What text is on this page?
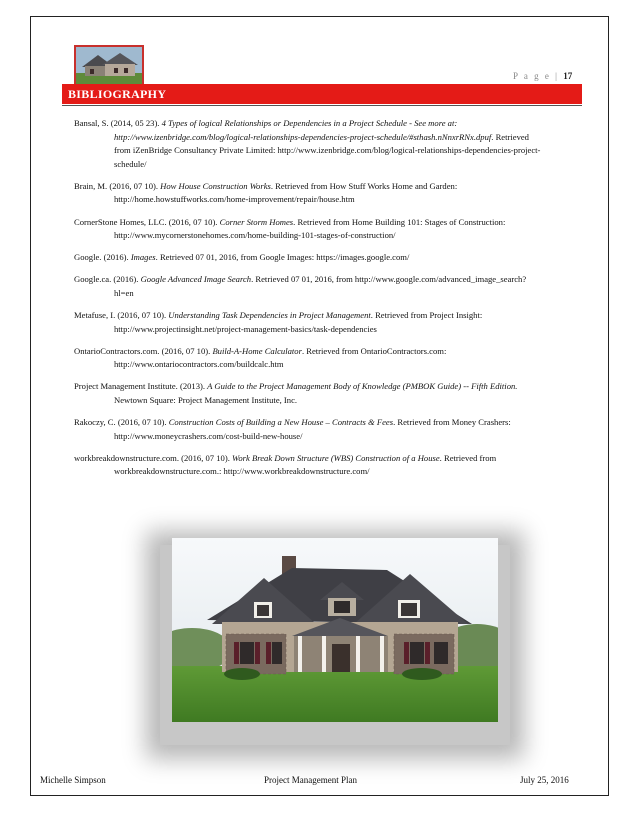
P a g e | 17
BIBLIOGRAPHY
Bansal, S. (2014, 05 23). 4 Types of logical Relationships or Dependencies in a Project Schedule - See more at: http://www.izenbridge.com/blog/logical-relationships-dependencies-project-schedule/#sthash.nNnxrRNx.dpuf. Retrieved from iZenBridge Consultancy Private Limited: http://www.izenbridge.com/blog/logical-relationships-dependencies-project-schedule/
Brain, M. (2016, 07 10). How House Construction Works. Retrieved from How Stuff Works Home and Garden: http://home.howstuffworks.com/home-improvement/repair/house.htm
CornerStone Homes, LLC. (2016, 07 10). Corner Storm Homes. Retrieved from Home Building 101: Stages of Construction: http://www.mycornerstonehomes.com/home-building-101-stages-of-construction/
Google. (2016). Images. Retrieved 07 01, 2016, from Google Images: https://images.google.com/
Google.ca. (2016). Google Advanced Image Search. Retrieved 07 01, 2016, from http://www.google.com/advanced_image_search?hl=en
Metafuse, I. (2016, 07 10). Understanding Task Dependencies in Project Management. Retrieved from Project Insight: http://www.projectinsight.net/project-management-basics/task-dependencies
OntarioContractors.com. (2016, 07 10). Build-A-Home Calculator. Retrieved from OntarioContractors.com: http://www.ontariocontractors.com/buildcalc.htm
Project Management Institute. (2013). A Guide to the Project Management Body of Knowledge (PMBOK Guide) -- Fifth Edition. Newtown Square: Project Management Institute, Inc.
Rakoczy, C. (2016, 07 10). Construction Costs of Building a New House – Contracts & Fees. Retrieved from Money Crashers: http://www.moneycrashers.com/cost-build-new-house/
workbreakdownstructure.com. (2016, 07 10). Work Break Down Structure (WBS) Construction of a House. Retrieved from workbreakdownstructure.com.: http://www.workbreakdownstructure.com/
Michelle Simpson	Project Management Plan	July 25, 2016
